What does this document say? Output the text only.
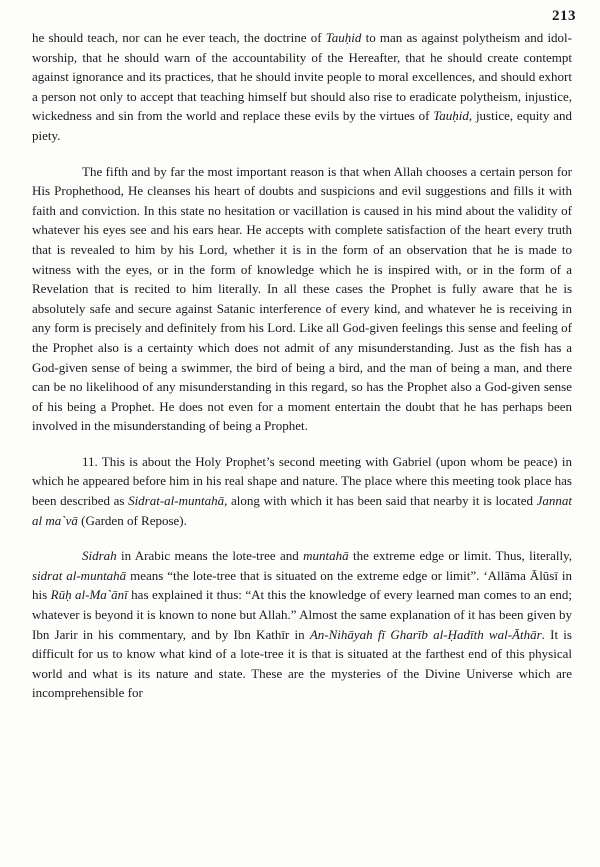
213

he should teach, nor can he ever teach, the doctrine of Tauḥid to man as against polytheism and idol-worship, that he should warn of the accountability of the Hereafter, that he should create contempt against ignorance and its practices, that he should invite people to moral excellences, and should exhort a person not only to accept that teaching himself but should also rise to eradicate polytheism, injustice, wickedness and sin from the world and replace these evils by the virtues of Tauḥid, justice, equity and piety.

The fifth and by far the most important reason is that when Allah chooses a certain person for His Prophethood, He cleanses his heart of doubts and suspicions and evil suggestions and fills it with faith and conviction. In this state no hesitation or vacillation is caused in his mind about the validity of whatever his eyes see and his ears hear. He accepts with complete satisfaction of the heart every truth that is revealed to him by his Lord, whether it is in the form of an observation that he is made to witness with the eyes, or in the form of knowledge which he is inspired with, or in the form of a Revelation that is recited to him literally. In all these cases the Prophet is fully aware that he is absolutely safe and secure against Satanic interference of every kind, and whatever he is receiving in any form is precisely and definitely from his Lord. Like all God-given feelings this sense and feeling of the Prophet also is a certainty which does not admit of any misunderstanding. Just as the fish has a God-given sense of being a swimmer, the bird of being a bird, and the man of being a man, and there can be no likelihood of any misunderstanding in this regard, so has the Prophet also a God-given sense of his being a Prophet. He does not even for a moment entertain the doubt that he has perhaps been involved in the misunderstanding of being a Prophet.

11. This is about the Holy Prophet’s second meeting with Gabriel (upon whom be peace) in which he appeared before him in his real shape and nature. The place where this meeting took place has been described as Sidrat-al-muntahā, along with which it has been said that nearby it is located Jannat al ma`vā (Garden of Repose).

Sidrah in Arabic means the lote-tree and muntahā the extreme edge or limit. Thus, literally, sidrat al-muntahā means “the lote-tree that is situated on the extreme edge or limit”. ‘Allāma Ālūsī in his Rūḥ al-Ma`ānī has explained it thus: “At this the knowledge of every learned man comes to an end; whatever is beyond it is known to none but Allah.” Almost the same explanation of it has been given by Ibn Jarir in his commentary, and by Ibn Kathīr in An-Nihāyah fī Gharīb al-Ḥadīth wal-Āthār. It is difficult for us to know what kind of a lote-tree it is that is situated at the farthest end of this physical world and what is its nature and state. These are the mysteries of the Divine Universe which are incomprehensible for
